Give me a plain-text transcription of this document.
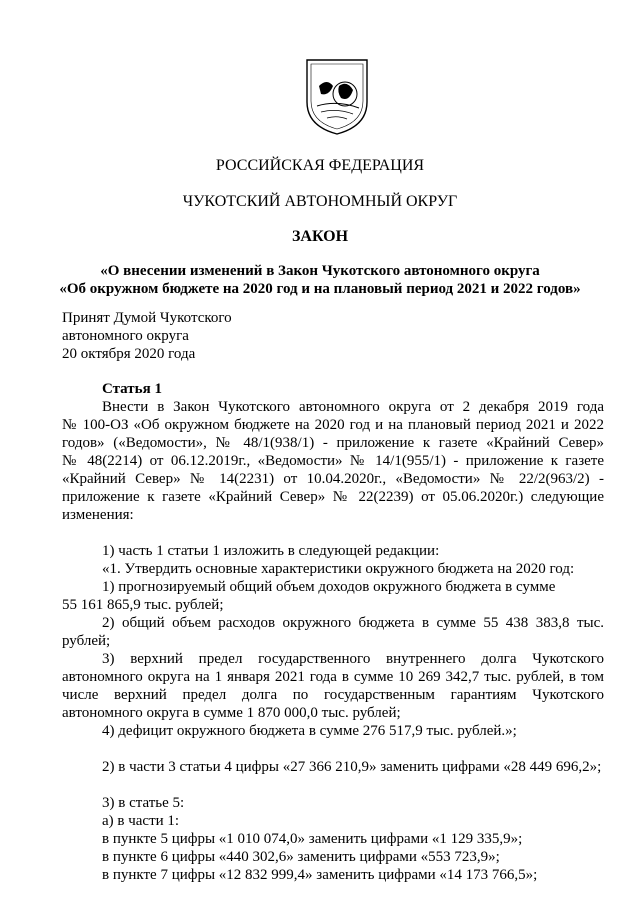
РОССИЙСКАЯ ФЕДЕРАЦИЯ
ЧУКОТСКИЙ АВТОНОМНЫЙ ОКРУГ
ЗАКОН
«О внесении изменений в Закон Чукотского автономного округа
«Об окружном бюджете на 2020 год и на плановый период 2021 и 2022 годов»
Принят Думой Чукотского
автономного округа
20 октября 2020 года
Статья 1
Внести в Закон Чукотского автономного округа от 2 декабря 2019 года
№ 100-ОЗ «Об окружном бюджете на 2020 год и на плановый период 2021 и 2022
годов» («Ведомости», № 48/1(938/1) - приложение к газете «Крайний Север»
№ 48(2214) от 06.12.2019г., «Ведомости» № 14/1(955/1) - приложение к газете
«Крайний Север» № 14(2231) от 10.04.2020г., «Ведомости» № 22/2(963/2) -
приложение к газете «Крайний Север» № 22(2239) от 05.06.2020г.) следующие
изменения:
1) часть 1 статьи 1 изложить в следующей редакции:
«1. Утвердить основные характеристики окружного бюджета на 2020 год:
1) прогнозируемый общий объем доходов окружного бюджета в сумме
55 161 865,9 тыс. рублей;
2) общий объем расходов окружного бюджета в сумме 55 438 383,8 тыс.
рублей;
3) верхний предел государственного внутреннего долга Чукотского
автономного округа на 1 января 2021 года в сумме 10 269 342,7 тыс. рублей, в том
числе верхний предел долга по государственным гарантиям Чукотского
автономного округа в сумме 1 870 000,0 тыс. рублей;
4) дефицит окружного бюджета в сумме 276 517,9 тыс. рублей.»;
2) в части 3 статьи 4 цифры «27 366 210,9» заменить цифрами «28 449 696,2»;
3) в статье 5:
а) в части 1:
в пункте 5 цифры «1 010 074,0» заменить цифрами «1 129 335,9»;
в пункте 6 цифры «440 302,6» заменить цифрами «553 723,9»;
в пункте 7 цифры «12 832 999,4» заменить цифрами «14 173 766,5»;
